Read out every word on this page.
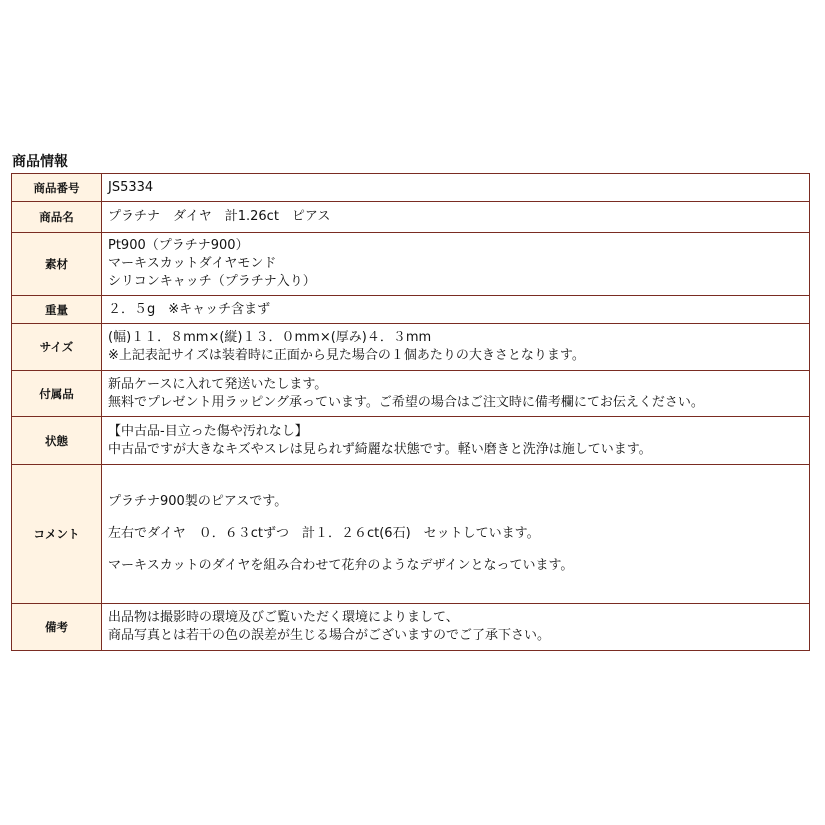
商品情報
商品番号	JS5334

商品名	プラチナ　ダイヤ　計1.26ct　ピアス

素材	Pt900（プラチナ900）
マーキスカットダイヤモンド
シリコンキャッチ（プラチナ入り）

重量	２．５g　※キャッチ含まず

サイズ	(幅)１１．８mm×(縦)１３．０mm×(厚み)４．３mm
※上記表記サイズは装着時に正面から見た場合の１個あたりの大きさとなります。

付属品	新品ケースに入れて発送いたします。
無料でプレゼント用ラッピング承っています。ご希望の場合はご注文時に備考欄にてお伝えください。

状態	【中古品-目立った傷や汚れなし】
中古品ですが大きなキズやスレは見られず綺麗な状態です。軽い磨きと洗浄は施しています。

コメント	プラチナ900製のピアスです。
左右でダイヤ　０．６３ctずつ　計１．２６ct(6石)　セットしています。
マーキスカットのダイヤを組み合わせて花弁のようなデザインとなっています。

備考	出品物は撮影時の環境及びご覧いただく環境によりまして、
商品写真とは若干の色の誤差が生じる場合がございますのでご了承下さい。
